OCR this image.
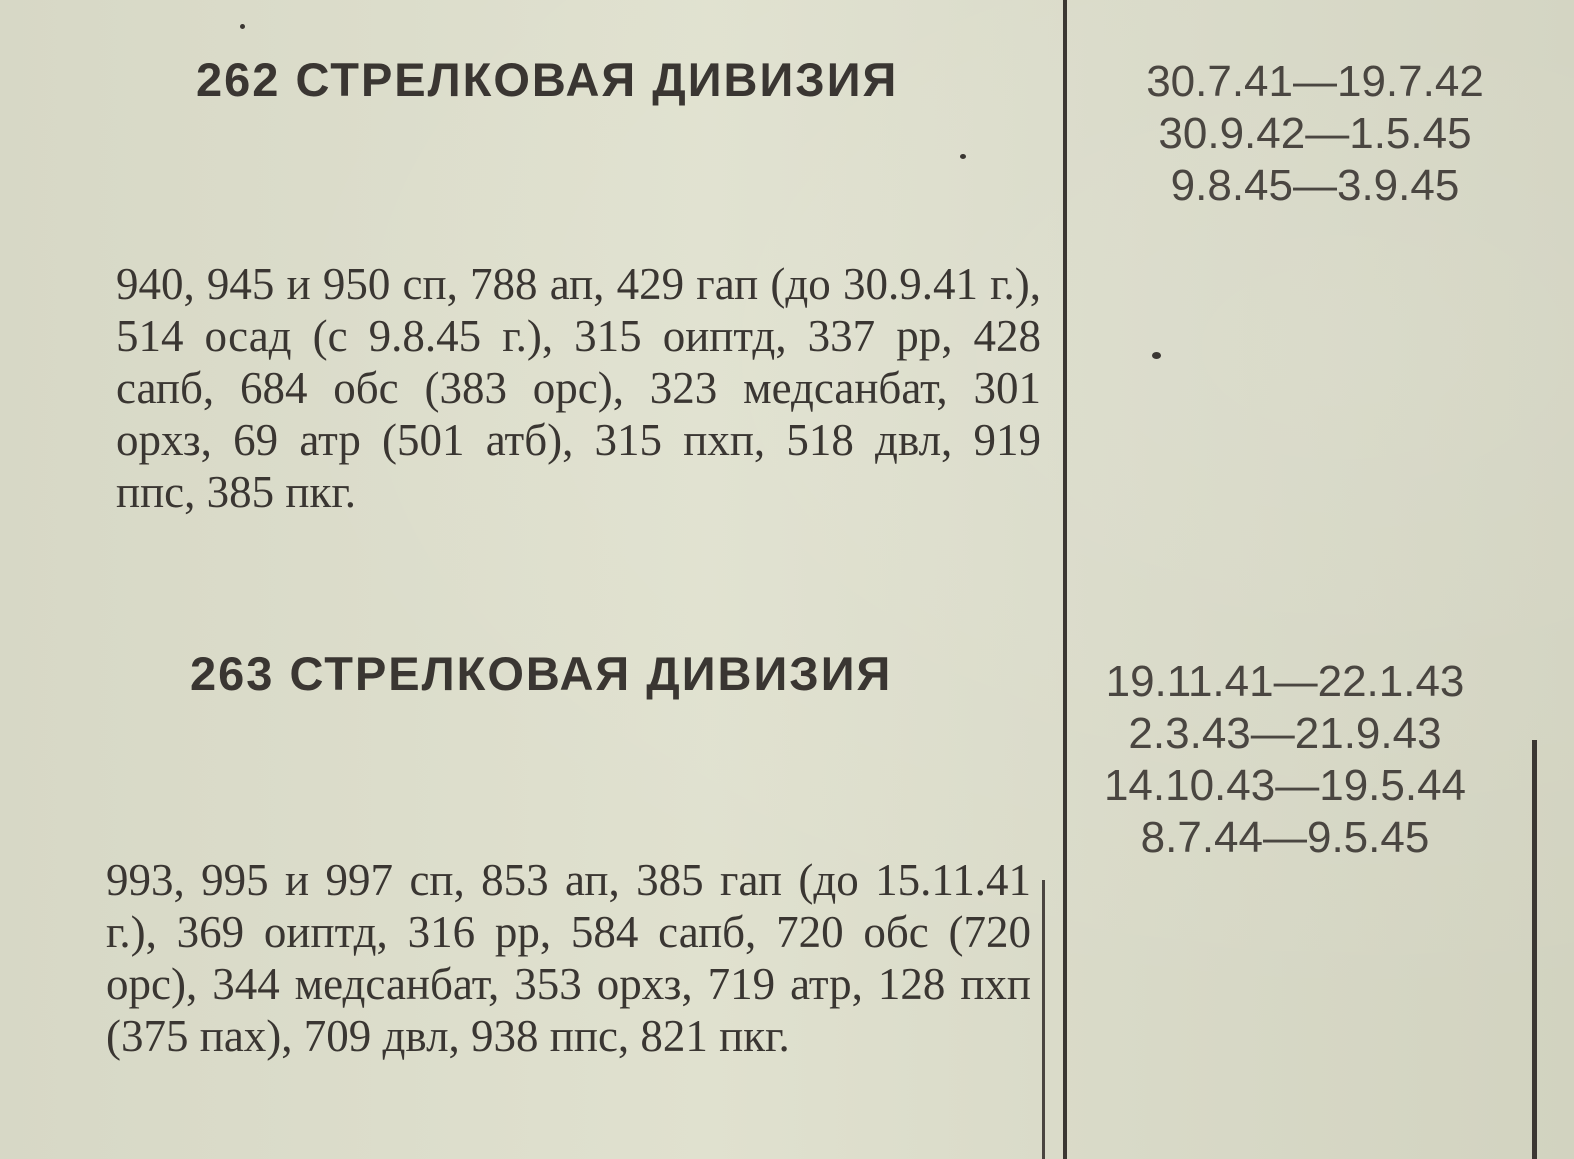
262 СТРЕЛКОВАЯ ДИВИЗИЯ	30.7.41—19.7.42
30.9.42—1.5.45
9.8.45—3.9.45

940, 945 и 950 сп, 788 ап, 429 гап (до 30.9.41 г.), 514 осад (с 9.8.45 г.), 315 оиптд, 337 рр, 428 сапб, 684 обс (383 орс), 323 медсанбат, 301 орхз, 69 атр (501 атб), 315 пхп, 518 двл, 919 ппс, 385 пкг.

263 СТРЕЛКОВАЯ ДИВИЗИЯ	19.11.41—22.1.43
2.3.43—21.9.43
14.10.43—19.5.44
8.7.44—9.5.45

993, 995 и 997 сп, 853 ап, 385 гап (до 15.11.41 г.), 369 оиптд, 316 рр, 584 сапб, 720 обс (720 орс), 344 медсанбат, 353 орхз, 719 атр, 128 пхп (375 пах), 709 двл, 938 ппс, 821 пкг.
